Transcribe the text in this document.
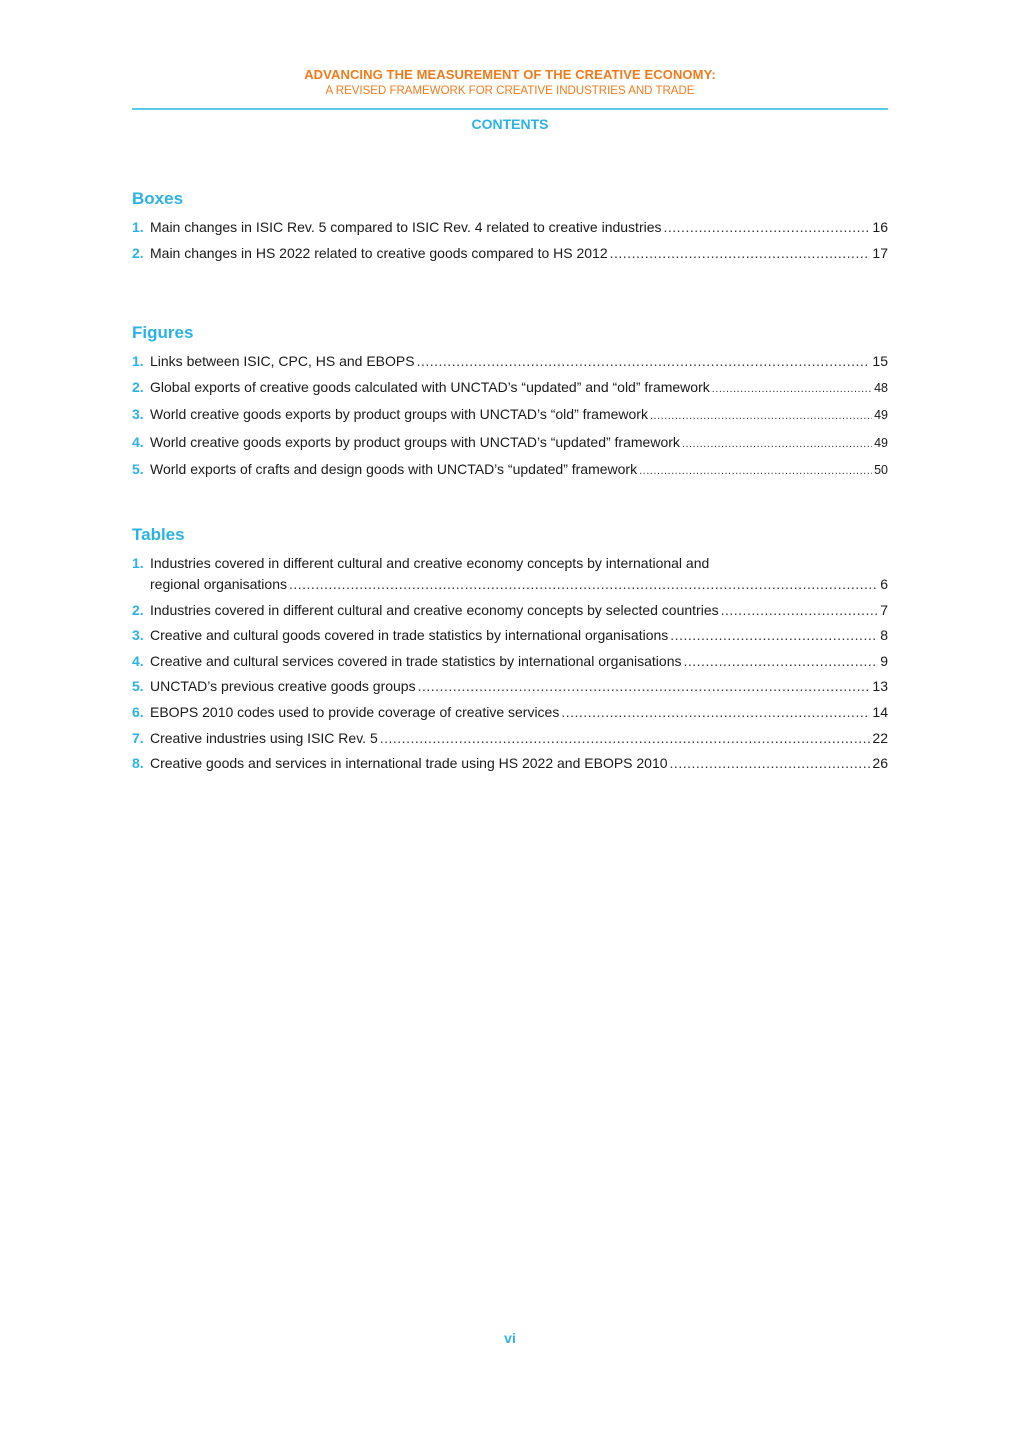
ADVANCING THE MEASUREMENT OF THE CREATIVE ECONOMY:
A REVISED FRAMEWORK FOR CREATIVE INDUSTRIES AND TRADE
CONTENTS
Boxes
1. Main changes in ISIC Rev. 5 compared to ISIC Rev. 4 related to creative industries .....	16
2. Main changes in HS 2022 related to creative goods compared to HS 2012 .....	17
Figures
1. Links between ISIC, CPC, HS and EBOPS .....	15
2. Global exports of creative goods calculated with UNCTAD’s “updated” and “old” framework .....	48
3. World creative goods exports by product groups with UNCTAD’s “old” framework .....	49
4. World creative goods exports by product groups with UNCTAD’s “updated” framework .....	49
5. World exports of crafts and design goods with UNCTAD’s “updated” framework .....	50
Tables
1. Industries covered in different cultural and creative economy concepts by international and
regional organisations .....	6
2. Industries covered in different cultural and creative economy concepts by selected countries .....	7
3. Creative and cultural goods covered in trade statistics by international organisations .....	8
4. Creative and cultural services covered in trade statistics by international organisations .....	9
5. UNCTAD’s previous creative goods groups .....	13
6. EBOPS 2010 codes used to provide coverage of creative services .....	14
7. Creative industries using ISIC Rev. 5 .....	22
8. Creative goods and services in international trade using HS 2022 and EBOPS 2010 .....	26
vi
